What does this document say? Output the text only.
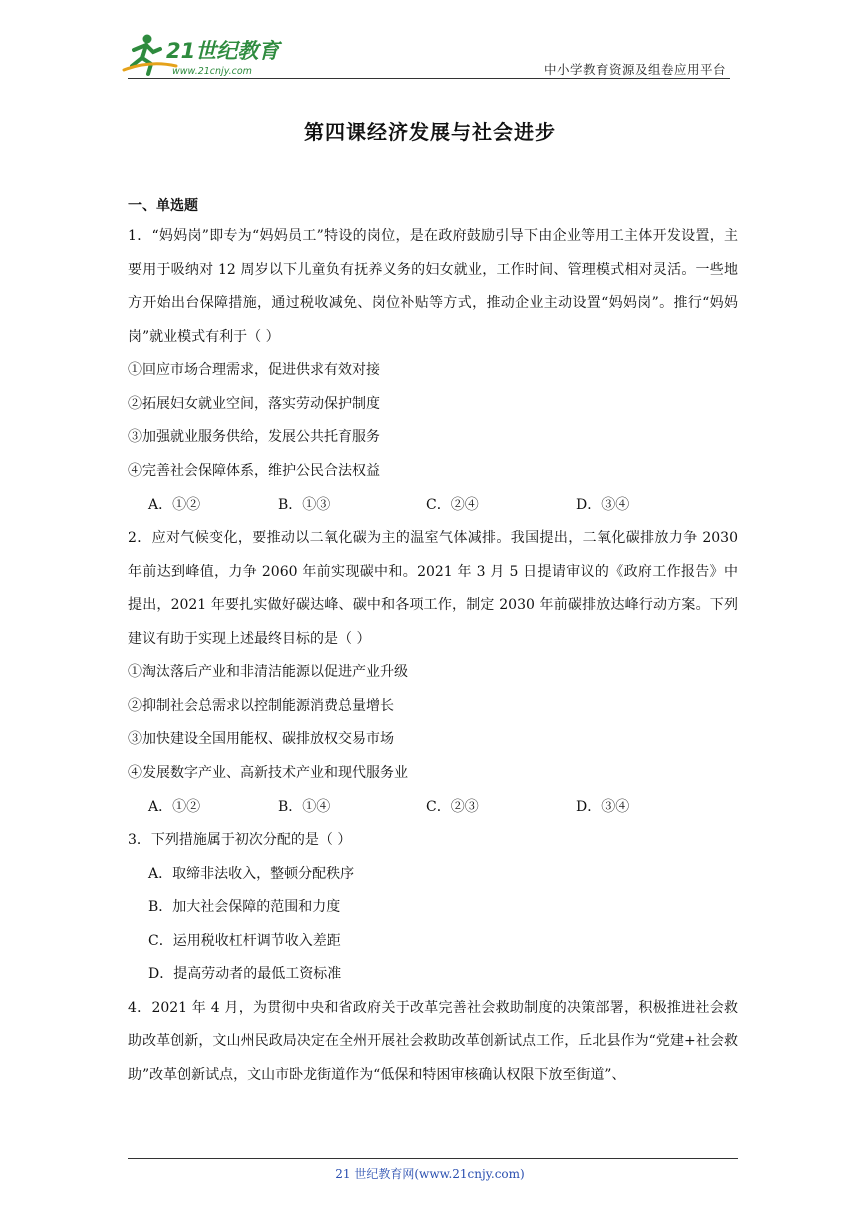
21世纪教育
www.21cnjy.com	中小学教育资源及组卷应用平台
第四课经济发展与社会进步
一、单选题

1．“妈妈岗”即专为“妈妈员工”特设的岗位，是在政府鼓励引导下由企业等用工主体开发设置，主要用于吸纳对 12 周岁以下儿童负有抚养义务的妇女就业，工作时间、管理模式相对灵活。一些地方开始出台保障措施，通过税收减免、岗位补贴等方式，推动企业主动设置“妈妈岗”。推行“妈妈岗”就业模式有利于（ ）

①回应市场合理需求，促进供求有效对接

②拓展妇女就业空间，落实劳动保护制度

③加强就业服务供给，发展公共托育服务

④完善社会保障体系，维护公民合法权益

A．①②	B．①③	C．②④	D．③④

2．应对气候变化，要推动以二氧化碳为主的温室气体减排。我国提出，二氧化碳排放力争 2030 年前达到峰值，力争 2060 年前实现碳中和。2021 年 3 月 5 日提请审议的《政府工作报告》中提出，2021 年要扎实做好碳达峰、碳中和各项工作，制定 2030 年前碳排放达峰行动方案。下列建议有助于实现上述最终目标的是（ ）

①淘汰落后产业和非清洁能源以促进产业升级

②抑制社会总需求以控制能源消费总量增长

③加快建设全国用能权、碳排放权交易市场

④发展数字产业、高新技术产业和现代服务业

A．①②	B．①④	C．②③	D．③④

3．下列措施属于初次分配的是（ ）

A．取缔非法收入，整顿分配秩序

B．加大社会保障的范围和力度

C．运用税收杠杆调节收入差距

D．提高劳动者的最低工资标准

4．2021 年 4 月，为贯彻中央和省政府关于改革完善社会救助制度的决策部署，积极推进社会救助改革创新，文山州民政局决定在全州开展社会救助改革创新试点工作，丘北县作为“党建+社会救助”改革创新试点，文山市卧龙街道作为“低保和特困审核确认权限下放至街道”、

21 世纪教育网(www.21cnjy.com)
